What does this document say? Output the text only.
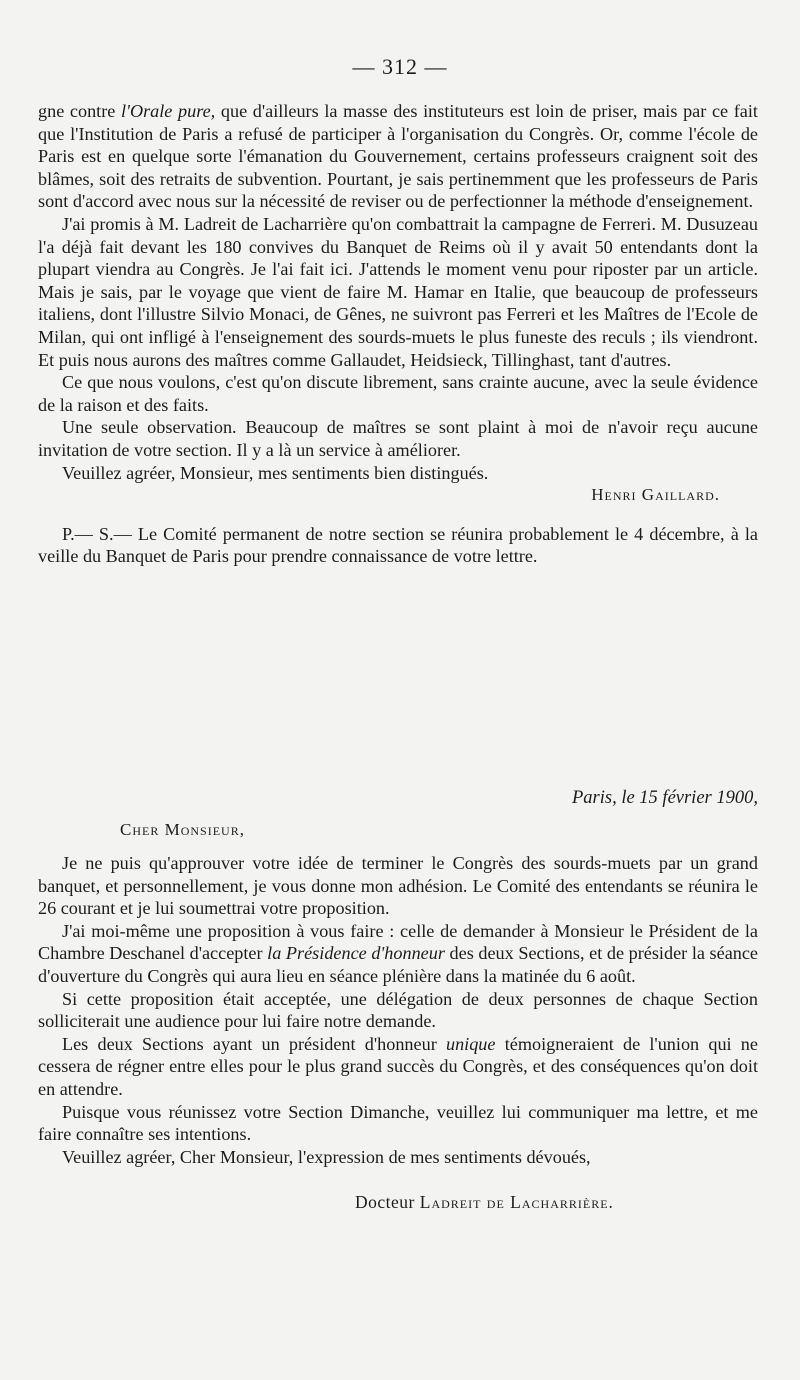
— 312 —

gne contre l'Orale pure, que d'ailleurs la masse des instituteurs est loin de priser, mais par ce fait que l'Institution de Paris a refusé de participer à l'organisation du Congrès. Or, comme l'école de Paris est en quelque sorte l'émanation du Gouvernement, certains professeurs craignent soit des blâmes, soit des retraits de subvention. Pourtant, je sais pertinemment que les professeurs de Paris sont d'accord avec nous sur la nécessité de reviser ou de perfectionner la méthode d'enseignement.

J'ai promis à M. Ladreit de Lacharrière qu'on combattrait la campagne de Ferreri. M. Dusuzeau l'a déjà fait devant les 180 convives du Banquet de Reims où il y avait 50 entendants dont la plupart viendra au Congrès. Je l'ai fait ici. J'attends le moment venu pour riposter par un article. Mais je sais, par le voyage que vient de faire M. Hamar en Italie, que beaucoup de professeurs italiens, dont l'illustre Silvio Monaci, de Gênes, ne suivront pas Ferreri et les Maîtres de l'Ecole de Milan, qui ont infligé à l'enseignement des sourds-muets le plus funeste des reculs ; ils viendront. Et puis nous aurons des maîtres comme Gallaudet, Heidsieck, Tillinghast, tant d'autres.

Ce que nous voulons, c'est qu'on discute librement, sans crainte aucune, avec la seule évidence de la raison et des faits.

Une seule observation. Beaucoup de maîtres se sont plaint à moi de n'avoir reçu aucune invitation de votre section. Il y a là un service à améliorer.

Veuillez agréer, Monsieur, mes sentiments bien distingués.

Henri Gaillard.

P.— S.— Le Comité permanent de notre section se réunira probablement le 4 décembre, à la veille du Banquet de Paris pour prendre connaissance de votre lettre.

Paris, le 15 février 1900,
Cher Monsieur,

Je ne puis qu'approuver votre idée de terminer le Congrès des sourds-muets par un grand banquet, et personnellement, je vous donne mon adhésion. Le Comité des entendants se réunira le 26 courant et je lui soumettrai votre proposition.

J'ai moi-même une proposition à vous faire : celle de demander à Monsieur le Président de la Chambre Deschanel d'accepter la Présidence d'honneur des deux Sections, et de présider la séance d'ouverture du Congrès qui aura lieu en séance plénière dans la matinée du 6 août.

Si cette proposition était acceptée, une délégation de deux personnes de chaque Section solliciterait une audience pour lui faire notre demande.

Les deux Sections ayant un président d'honneur unique témoigneraient de l'union qui ne cessera de régner entre elles pour le plus grand succès du Congrès, et des conséquences qu'on doit en attendre.

Puisque vous réunissez votre Section Dimanche, veuillez lui communiquer ma lettre, et me faire connaître ses intentions.

Veuillez agréer, Cher Monsieur, l'expression de mes sentiments dévoués,

Docteur Ladreit de Lacharrière.
